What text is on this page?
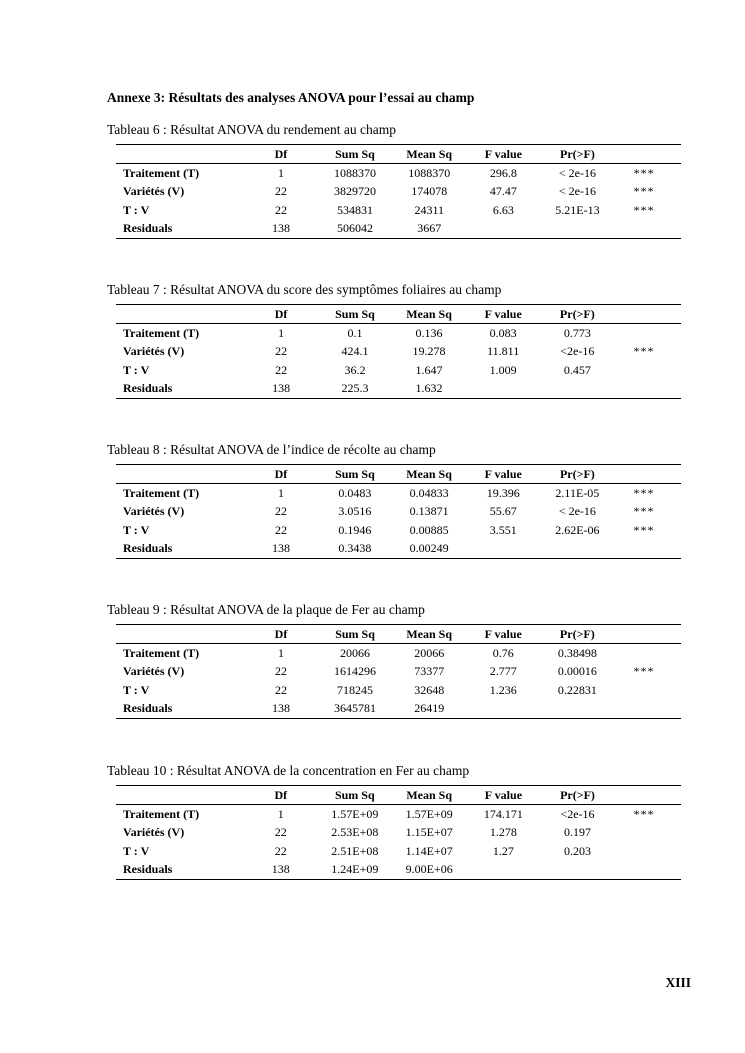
Annexe 3: Résultats des analyses ANOVA pour l’essai au champ
Tableau 6 : Résultat ANOVA du rendement au champ
	Df	Sum Sq	Mean Sq	F value	Pr(>F)	
Traitement (T)	1	1088370	1088370	296.8	< 2e-16	***
Variétés (V)	22	3829720	174078	47.47	< 2e-16	***
T : V	22	534831	24311	6.63	5.21E-13	***
Residuals	138	506042	3667			
Tableau 7 : Résultat ANOVA du score des symptômes foliaires au champ
	Df	Sum Sq	Mean Sq	F value	Pr(>F)	
Traitement (T)	1	0.1	0.136	0.083	0.773	
Variétés (V)	22	424.1	19.278	11.811	<2e-16	***
T : V	22	36.2	1.647	1.009	0.457	
Residuals	138	225.3	1.632			
Tableau 8 : Résultat ANOVA de l’indice de récolte au champ
	Df	Sum Sq	Mean Sq	F value	Pr(>F)	
Traitement (T)	1	0.0483	0.04833	19.396	2.11E-05	***
Variétés (V)	22	3.0516	0.13871	55.67	< 2e-16	***
T : V	22	0.1946	0.00885	3.551	2.62E-06	***
Residuals	138	0.3438	0.00249			
Tableau 9 : Résultat ANOVA de la plaque de Fer au champ
	Df	Sum Sq	Mean Sq	F value	Pr(>F)	
Traitement (T)	1	20066	20066	0.76	0.38498	
Variétés (V)	22	1614296	73377	2.777	0.00016	***
T : V	22	718245	32648	1.236	0.22831	
Residuals	138	3645781	26419			
Tableau 10 : Résultat ANOVA de la concentration en Fer au champ
	Df	Sum Sq	Mean Sq	F value	Pr(>F)	
Traitement (T)	1	1.57E+09	1.57E+09	174.171	<2e-16	***
Variétés (V)	22	2.53E+08	1.15E+07	1.278	0.197	
T : V	22	2.51E+08	1.14E+07	1.27	0.203	
Residuals	138	1.24E+09	9.00E+06			
XIII
